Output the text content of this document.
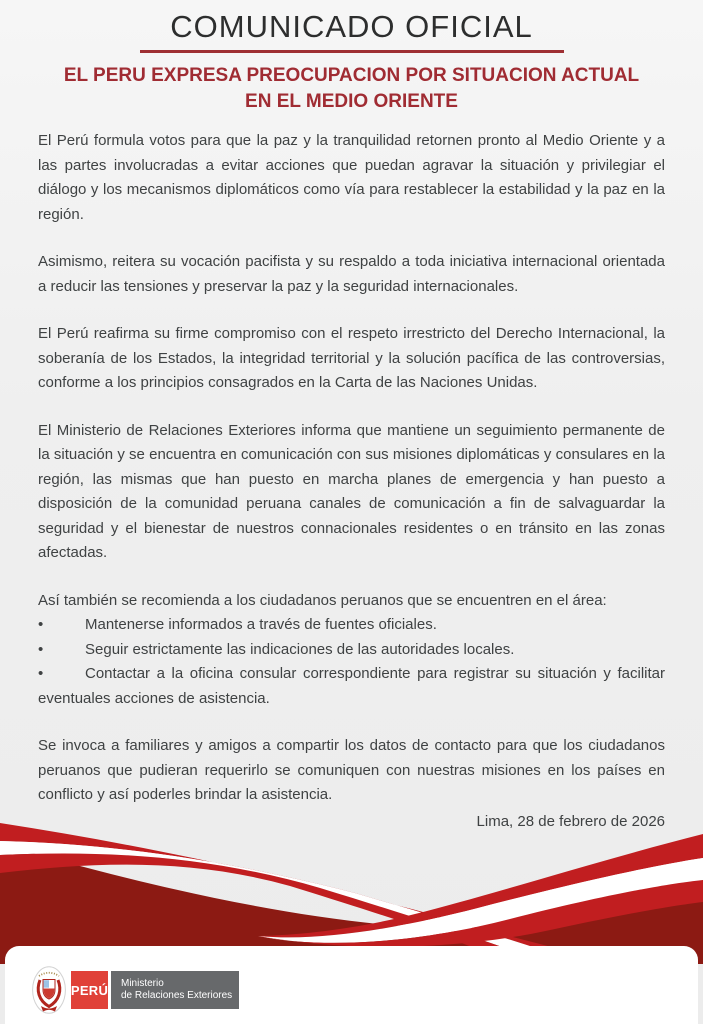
COMUNICADO OFICIAL
EL PERU EXPRESA PREOCUPACION POR SITUACION ACTUAL
EN EL MEDIO ORIENTE

El Perú formula votos para que la paz y la tranquilidad retornen pronto al Medio Oriente y a las partes involucradas a evitar acciones que puedan agravar la situación y privilegiar el diálogo y los mecanismos diplomáticos como vía para restablecer la estabilidad y la paz en la región.

Asimismo, reitera su vocación pacifista y su respaldo a toda iniciativa internacional orientada a reducir las tensiones y preservar la paz y la seguridad internacionales.

El Perú reafirma su firme compromiso con el respeto irrestricto del Derecho Internacional, la soberanía de los Estados, la integridad territorial y la solución pacífica de las controversias, conforme a los principios consagrados en la Carta de las Naciones Unidas.

El Ministerio de Relaciones Exteriores informa que mantiene un seguimiento permanente de la situación y se encuentra en comunicación con sus misiones diplomáticas y consulares en la región, las mismas que han puesto en marcha planes de emergencia y han puesto a disposición de la comunidad peruana canales de comunicación a fin de salvaguardar la seguridad y el bienestar de nuestros connacionales residentes o en tránsito en las zonas afectadas.

Así también se recomienda a los ciudadanos peruanos que se encuentren en el área:

•	Mantenerse informados a través de fuentes oficiales.

•	Seguir estrictamente las indicaciones de las autoridades locales.

•	Contactar a la oficina consular correspondiente para registrar su situación y facilitar eventuales acciones de asistencia.

Se invoca a familiares y amigos a compartir los datos de contacto para que los ciudadanos peruanos que pudieran requerirlo se comuniquen con nuestras misiones en los países en conflicto y así poderles brindar la asistencia.

Lima, 28 de febrero de 2026

PERÚ Ministerio
de Relaciones Exteriores
